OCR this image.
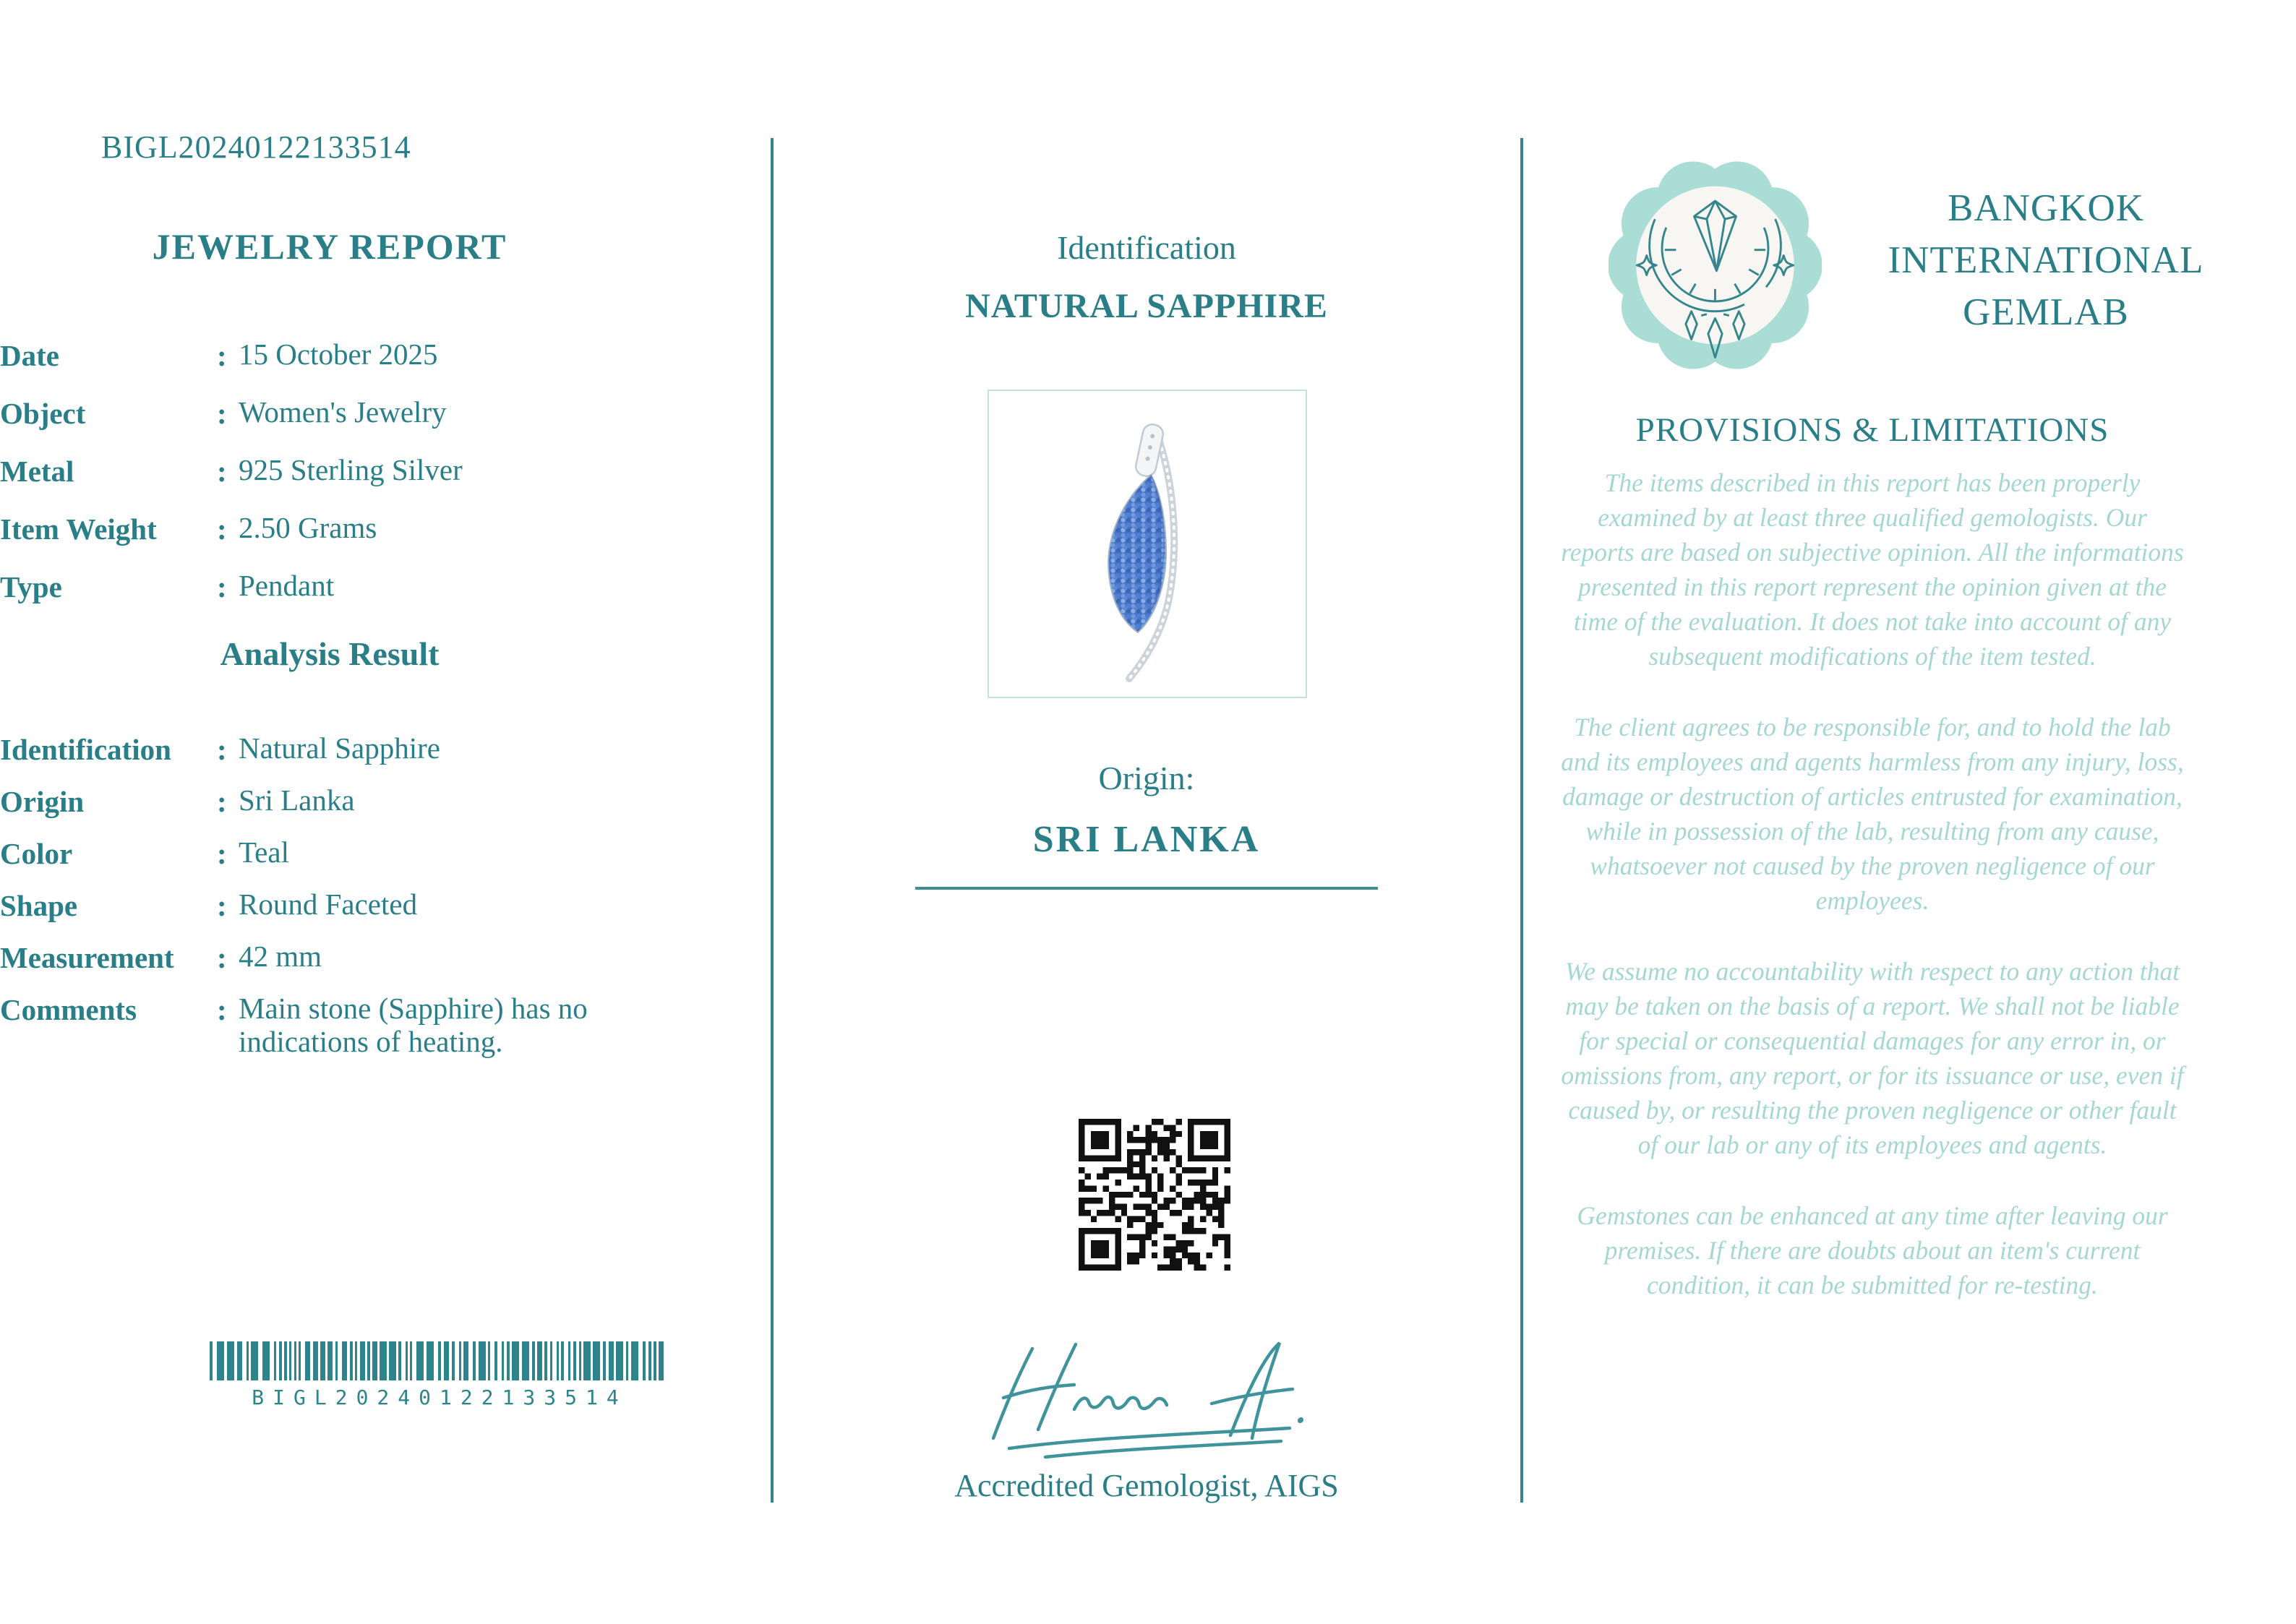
BIGL20240122133514
JEWELRY REPORT
Date	: 15 October 2025
Object	: Women's Jewelry
Metal	: 925 Sterling Silver
Item Weight	: 2.50 Grams
Type	: Pendant
Analysis Result
Identification	: Natural Sapphire
Origin	: Sri Lanka
Color	: Teal
Shape	: Round Faceted
Measurement	: 42 mm
Comments	: Main stone (Sapphire) has no indications of heating.
BIGL20240122133514
Identification
NATURAL SAPPHIRE
Origin:
SRI LANKA
Accredited Gemologist, AIGS
BANGKOK
INTERNATIONAL
GEMLAB
PROVISIONS & LIMITATIONS
The items described in this report has been properly examined by at least three qualified gemologists. Our reports are based on subjective opinion. All the informations presented in this report represent the opinion given at the time of the evaluation. It does not take into account of any subsequent modifications of the item tested.
The client agrees to be responsible for, and to hold the lab and its employees and agents harmless from any injury, loss, damage or destruction of articles entrusted for examination, while in possession of the lab, resulting from any cause, whatsoever not caused by the proven negligence of our employees.
We assume no accountability with respect to any action that may be taken on the basis of a report. We shall not be liable for special or consequential damages for any error in, or omissions from, any report, or for its issuance or use, even if caused by, or resulting the proven negligence or other fault of our lab or any of its employees and agents.
Gemstones can be enhanced at any time after leaving our premises. If there are doubts about an item's current condition, it can be submitted for re-testing.
